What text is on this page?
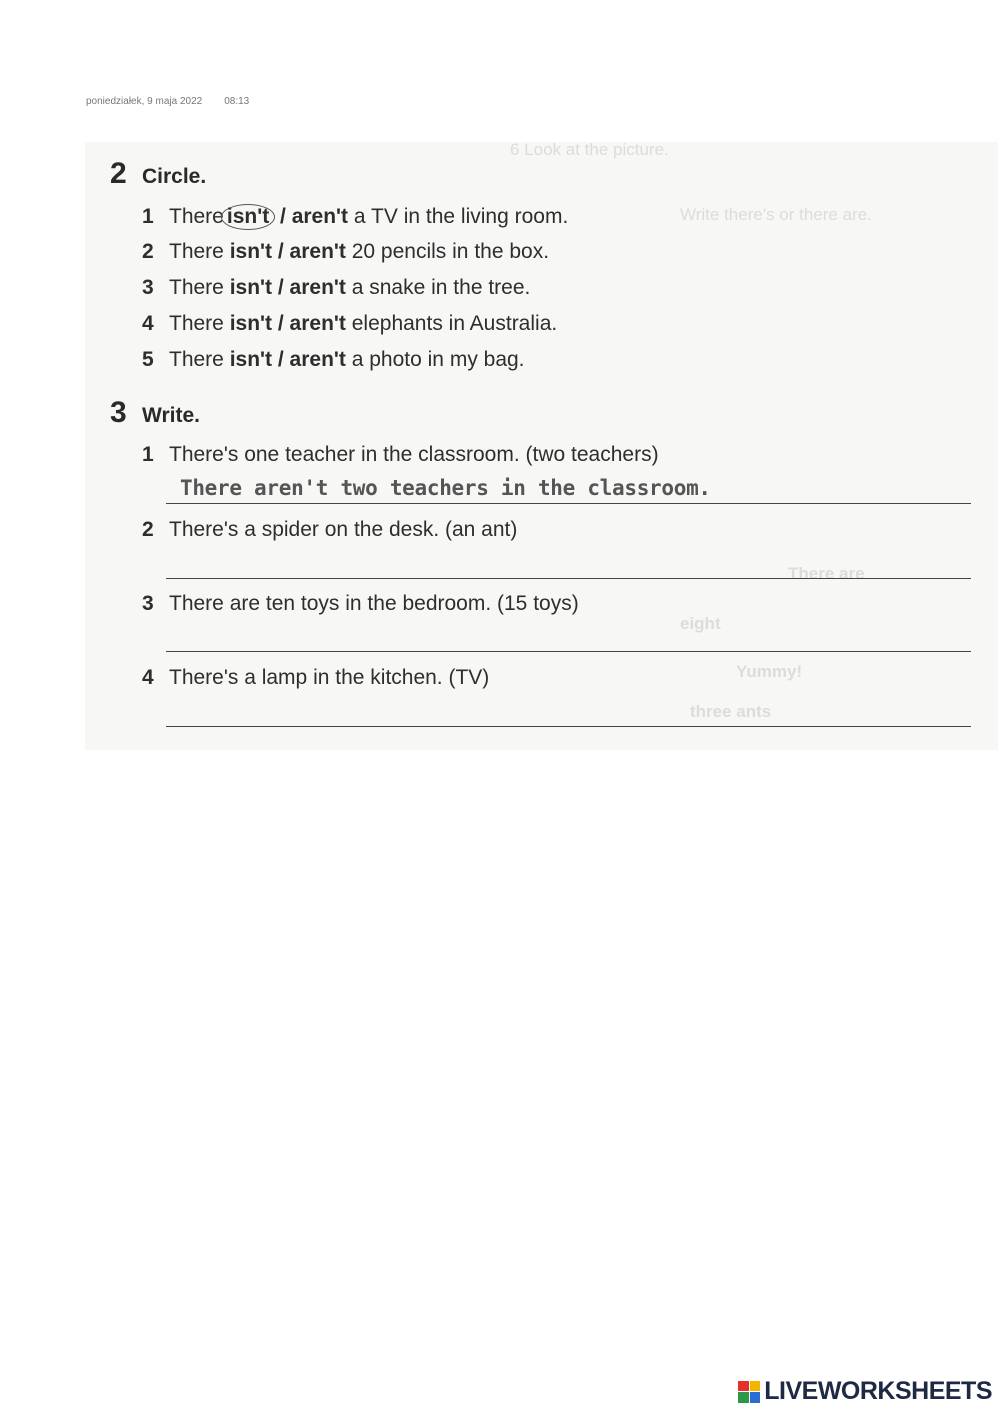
poniedziałek, 9 maja 2022 08:13
6 Look at the picture.
Write there's or there are.
There are
eight
Yummy!
three ants
2 Circle.
1 There isn't / aren't a TV in the living room.
2 There isn't / aren't 20 pencils in the box.
3 There isn't / aren't a snake in the tree.
4 There isn't / aren't elephants in Australia.
5 There isn't / aren't a photo in my bag.
3 Write.
1 There's one teacher in the classroom. (two teachers)
There aren't two teachers in the classroom.
2 There's a spider on the desk. (an ant)
3 There are ten toys in the bedroom. (15 toys)
4 There's a lamp in the kitchen. (TV)
LIVEWORKSHEETS
